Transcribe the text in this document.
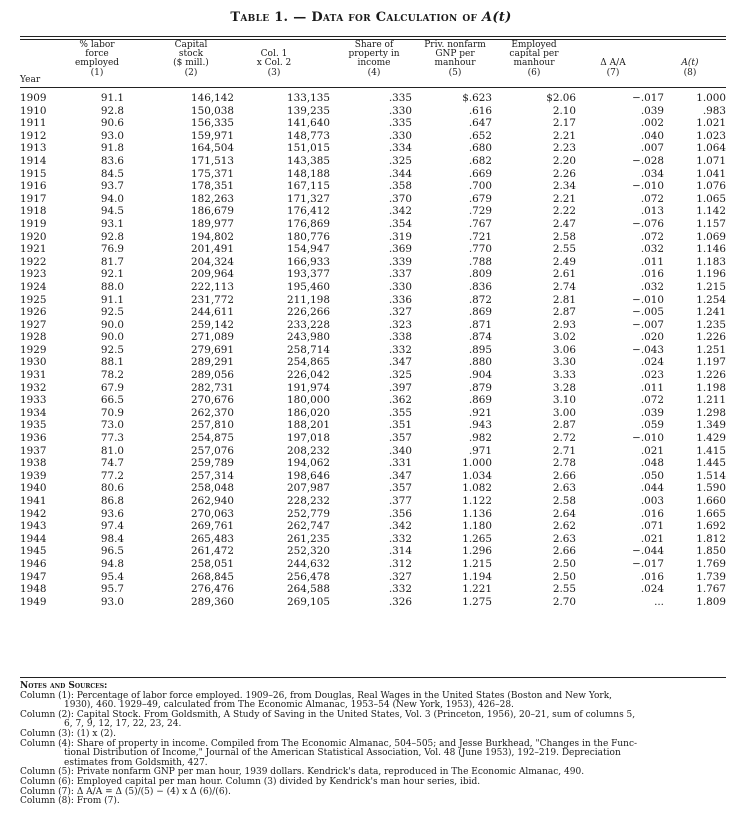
Table 1. — Data for Calculation of A(t)
Year
% labor
force
employed
(1)
Capital
stock
($ mill.)
(2)
Col. 1
x Col. 2
(3)
Share of
property in
income
(4)
Priv. nonfarm
GNP per
manhour
(5)
Employed
capital per
manhour
(6)
Δ A/A
(7)
A(t)
(8)
1909	91.1	146,142	133,135	.335	$.623	$2.06	−.017	1.000
1910	92.8	150,038	139,235	.330	.616	2.10	.039	.983
1911	90.6	156,335	141,640	.335	.647	2.17	.002	1.021
1912	93.0	159,971	148,773	.330	.652	2.21	.040	1.023
1913	91.8	164,504	151,015	.334	.680	2.23	.007	1.064
1914	83.6	171,513	143,385	.325	.682	2.20	−.028	1.071
1915	84.5	175,371	148,188	.344	.669	2.26	.034	1.041
1916	93.7	178,351	167,115	.358	.700	2.34	−.010	1.076
1917	94.0	182,263	171,327	.370	.679	2.21	.072	1.065
1918	94.5	186,679	176,412	.342	.729	2.22	.013	1.142
1919	93.1	189,977	176,869	.354	.767	2.47	−.076	1.157
1920	92.8	194,802	180,776	.319	.721	2.58	.072	1.069
1921	76.9	201,491	154,947	.369	.770	2.55	.032	1.146
1922	81.7	204,324	166,933	.339	.788	2.49	.011	1.183
1923	92.1	209,964	193,377	.337	.809	2.61	.016	1.196
1924	88.0	222,113	195,460	.330	.836	2.74	.032	1.215
1925	91.1	231,772	211,198	.336	.872	2.81	−.010	1.254
1926	92.5	244,611	226,266	.327	.869	2.87	−.005	1.241
1927	90.0	259,142	233,228	.323	.871	2.93	−.007	1.235
1928	90.0	271,089	243,980	.338	.874	3.02	.020	1.226
1929	92.5	279,691	258,714	.332	.895	3.06	−.043	1.251
1930	88.1	289,291	254,865	.347	.880	3.30	.024	1.197
1931	78.2	289,056	226,042	.325	.904	3.33	.023	1.226
1932	67.9	282,731	191,974	.397	.879	3.28	.011	1.198
1933	66.5	270,676	180,000	.362	.869	3.10	.072	1.211
1934	70.9	262,370	186,020	.355	.921	3.00	.039	1.298
1935	73.0	257,810	188,201	.351	.943	2.87	.059	1.349
1936	77.3	254,875	197,018	.357	.982	2.72	−.010	1.429
1937	81.0	257,076	208,232	.340	.971	2.71	.021	1.415
1938	74.7	259,789	194,062	.331	1.000	2.78	.048	1.445
1939	77.2	257,314	198,646	.347	1.034	2.66	.050	1.514
1940	80.6	258,048	207,987	.357	1.082	2.63	.044	1.590
1941	86.8	262,940	228,232	.377	1.122	2.58	.003	1.660
1942	93.6	270,063	252,779	.356	1.136	2.64	.016	1.665
1943	97.4	269,761	262,747	.342	1.180	2.62	.071	1.692
1944	98.4	265,483	261,235	.332	1.265	2.63	.021	1.812
1945	96.5	261,472	252,320	.314	1.296	2.66	−.044	1.850
1946	94.8	258,051	244,632	.312	1.215	2.50	−.017	1.769
1947	95.4	268,845	256,478	.327	1.194	2.50	.016	1.739
1948	95.7	276,476	264,588	.332	1.221	2.55	.024	1.767
1949	93.0	289,360	269,105	.326	1.275	2.70	...	1.809
Notes and Sources:
Column (1): Percentage of labor force employed. 1909–26, from Douglas, Real Wages in the United States (Boston and New York,
1930), 460. 1929–49, calculated from The Economic Almanac, 1953–54 (New York, 1953), 426–28.
Column (2): Capital Stock. From Goldsmith, A Study of Saving in the United States, Vol. 3 (Princeton, 1956), 20–21, sum of columns 5,
6, 7, 9, 12, 17, 22, 23, 24.
Column (3): (1) x (2).
Column (4): Share of property in income. Compiled from The Economic Almanac, 504–505; and Jesse Burkhead, "Changes in the Func-
tional Distribution of Income," Journal of the American Statistical Association, Vol. 48 (June 1953), 192–219. Depreciation
estimates from Goldsmith, 427.
Column (5): Private nonfarm GNP per man hour, 1939 dollars. Kendrick's data, reproduced in The Economic Almanac, 490.
Column (6): Employed capital per man hour. Column (3) divided by Kendrick's man hour series, ibid.
Column (7): Δ A/A = Δ (5)/(5) − (4) x Δ (6)/(6).
Column (8): From (7).
